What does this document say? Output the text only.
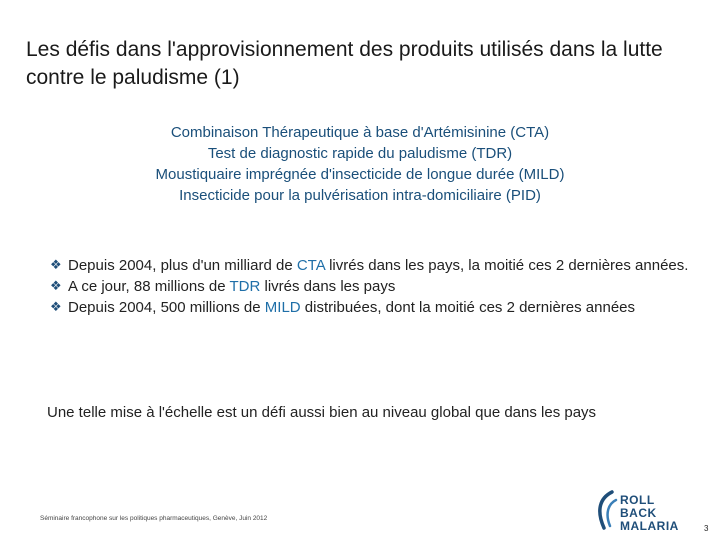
Les défis dans l'approvisionnement des produits utilisés dans la lutte contre le paludisme (1)
Combinaison Thérapeutique à base d'Artémisinine (CTA)
Test de diagnostic rapide du paludisme (TDR)
Moustiquaire imprégnée d'insecticide de longue durée (MILD)
Insecticide pour la pulvérisation intra-domiciliaire (PID)
❖ Depuis 2004, plus d'un milliard de CTA livrés dans les pays, la moitié ces 2 dernières années.
❖ A ce jour, 88 millions de TDR livrés dans les pays
❖ Depuis 2004, 500 millions de MILD distribuées, dont la moitié ces 2 dernières années
Une telle mise à l'échelle est un défi aussi bien au niveau global que dans les pays
Séminaire francophone sur les politiques pharmaceutiques, Genève, Juin 2012
ROLL BACK
MALARIA	3
